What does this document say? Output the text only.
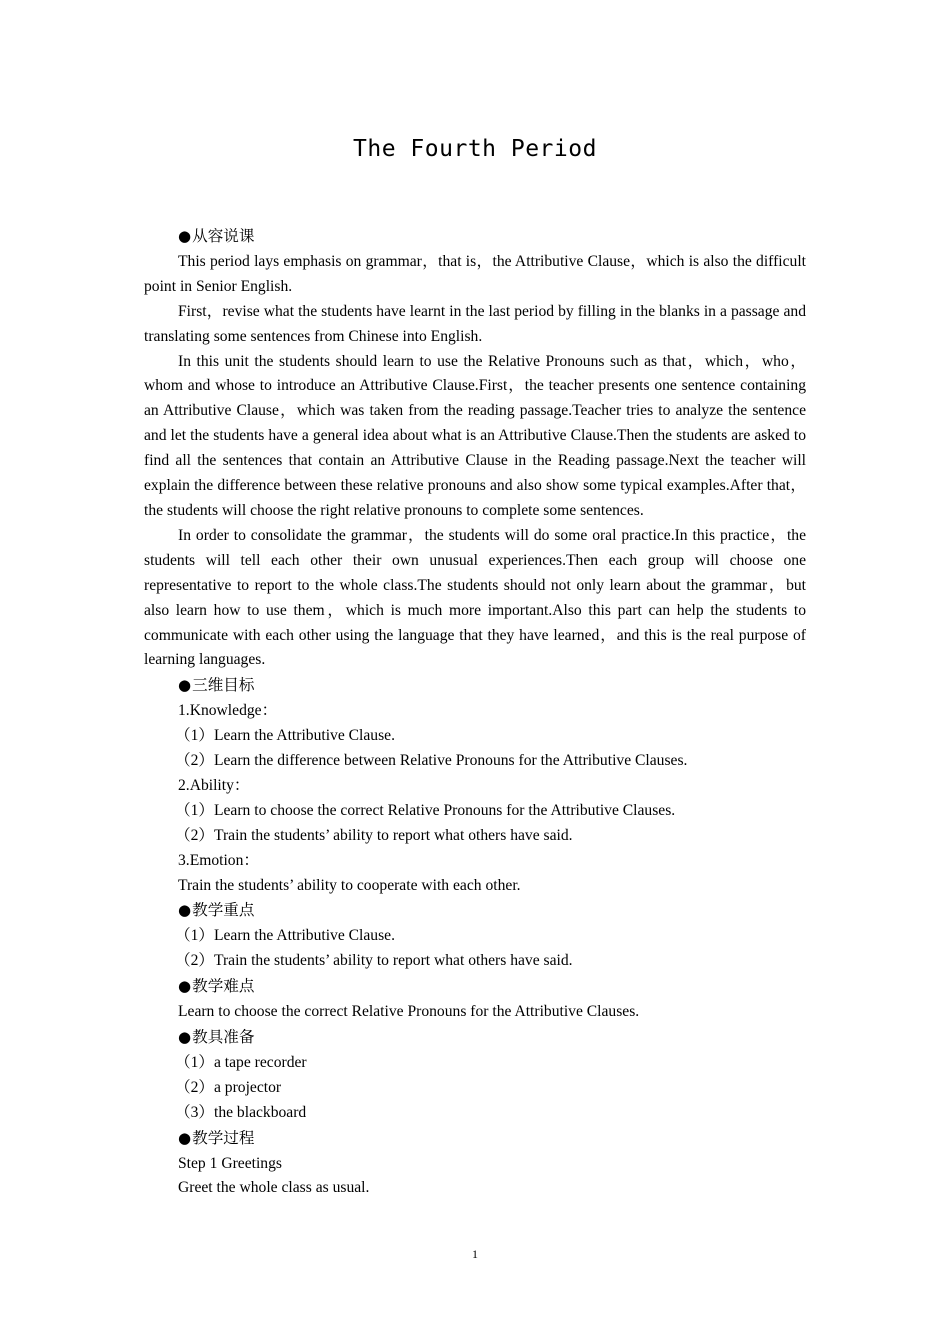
The Fourth Period

●从容说课

This period lays emphasis on grammar，that is，the Attributive Clause，which is also the difficult point in Senior English.

First，revise what the students have learnt in the last period by filling in the blanks in a passage and translating some sentences from Chinese into English.

In this unit the students should learn to use the Relative Pronouns such as that，which，who，whom and whose to introduce an Attributive Clause.First，the teacher presents one sentence containing an Attributive Clause，which was taken from the reading passage.Teacher tries to analyze the sentence and let the students have a general idea about what is an Attributive Clause.Then the students are asked to find all the sentences that contain an Attributive Clause in the Reading passage.Next the teacher will explain the difference between these relative pronouns and also show some typical examples.After that，the students will choose the right relative pronouns to complete some sentences.

In order to consolidate the grammar，the students will do some oral practice.In this practice，the students will tell each other their own unusual experiences.Then each group will choose one representative to report to the whole class.The students should not only learn about the grammar，but also learn how to use them，which is much more important.Also this part can help the students to communicate with each other using the language that they have learned，and this is the real purpose of learning languages.

●三维目标

1.Knowledge：

（1）Learn the Attributive Clause.

（2）Learn the difference between Relative Pronouns for the Attributive Clauses.

2.Ability：

（1）Learn to choose the correct Relative Pronouns for the Attributive Clauses.

（2）Train the students’ ability to report what others have said.

3.Emotion：

Train the students’ ability to cooperate with each other.

●教学重点

（1）Learn the Attributive Clause.

（2）Train the students’ ability to report what others have said.

●教学难点

Learn to choose the correct Relative Pronouns for the Attributive Clauses.

●教具准备

（1）a tape recorder

（2）a projector

（3）the blackboard

●教学过程

Step 1 Greetings

Greet the whole class as usual.

1
